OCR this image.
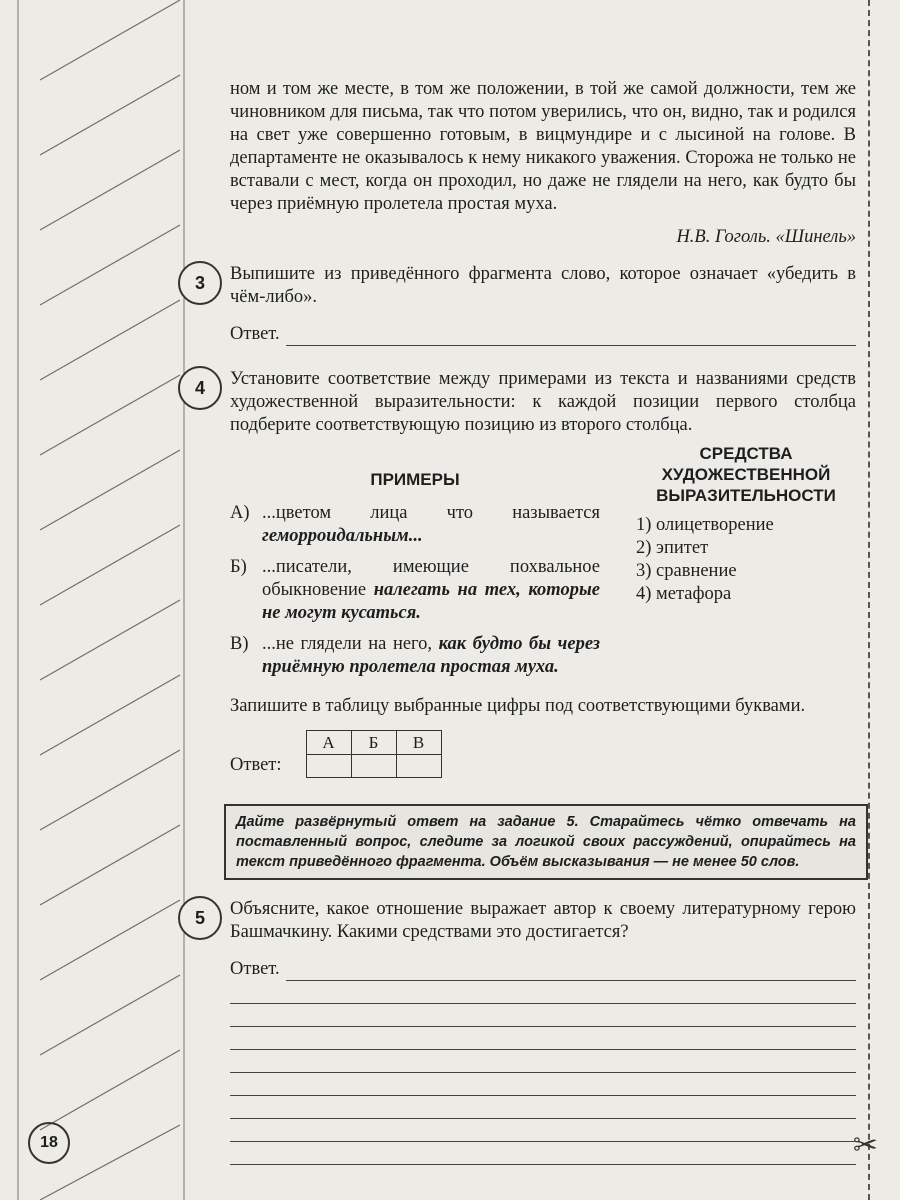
✂

ном и том же месте, в том же положении, в той же самой должности, тем же чиновником для письма, так что потом уверились, что он, видно, так и родился на свет уже совершенно готовым, в вицмундире и с лысиной на голове. В департаменте не оказывалось к нему никакого уважения. Сторожа не только не вставали с мест, когда он проходил, но даже не глядели на него, как будто бы через приёмную пролетела простая муха.

Н.В. Гоголь. «Шинель»

3	Выпишите из приведённого фрагмента слово, которое означает «убедить в чём-либо».

Ответ.
4	Установите соответствие между примерами из текста и названиями средств художественной выразительности: к каждой позиции первого столбца подберите соответствующую позицию из второго столбца.

ПРИМЕРЫ
А) ...цветом лица что называется геморроидальным...
Б) ...писатели, имеющие похвальное обыкновение налегать на тех, которые не могут кусаться.
В) ...не глядели на него, как будто бы через приёмную пролетела простая муха.
СРЕДСТВА ХУДОЖЕСТВЕННОЙ ВЫРАЗИТЕЛЬНОСТИ
1) олицетворение
2) эпитет
3) сравнение
4) метафора

Запишите в таблицу выбранные цифры под соответствующими буквами.

Ответ:
А	Б	В

Дайте развёрнутый ответ на задание 5. Старайтесь чётко отвечать на поставленный вопрос, следите за логикой своих рассуждений, опирайтесь на текст приведённого фрагмента. Объём высказывания — не менее 50 слов.
5	Объясните, какое отношение выражает автор к своему литературному герою Башмачкину. Какими средствами это достигается?

Ответ.
18
